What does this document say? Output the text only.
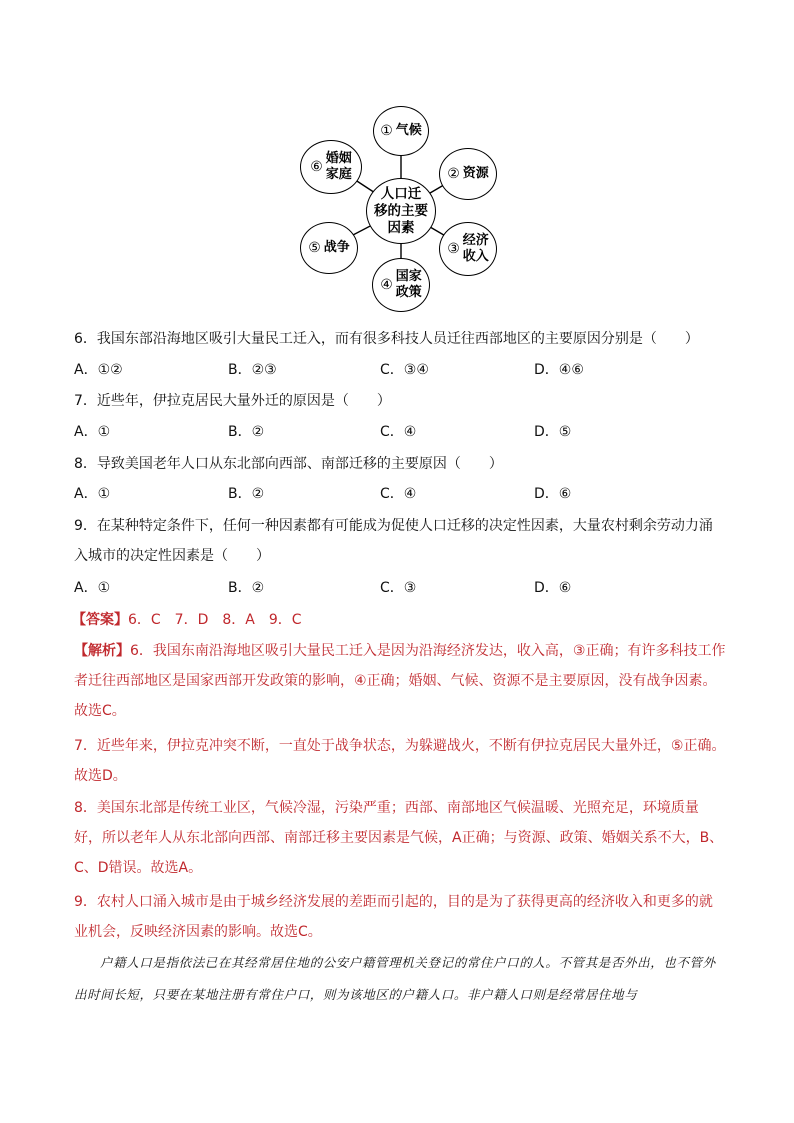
人口迁
移的主要
因素
① 气候
② 资源
③
经济
收入
④
国家
政策
⑤ 战争
⑥
婚姻
家庭
6．我国东部沿海地区吸引大量民工迁入，而有很多科技人员迁往西部地区的主要原因分别是（　　）
A．①②	B．②③	C．③④	D．④⑥
7．近些年，伊拉克居民大量外迁的原因是（　　）
A．①	B．②	C．④	D．⑤
8．导致美国老年人口从东北部向西部、南部迁移的主要原因（　　）
A．①	B．②	C．④	D．⑥
9．在某种特定条件下，任何一种因素都有可能成为促使人口迁移的决定性因素，大量农村剩余劳动力涌入城市的决定性因素是（　　）
A．①	B．②	C．③	D．⑥
【答案】6．C　7．D　8．A　9．C
【解析】6．我国东南沿海地区吸引大量民工迁入是因为沿海经济发达，收入高，③正确；有许多科技工作者迁往西部地区是国家西部开发政策的影响，④正确；婚姻、气候、资源不是主要原因，没有战争因素。故选C。
7．近些年来，伊拉克冲突不断，一直处于战争状态，为躲避战火，不断有伊拉克居民大量外迁，⑤正确。故选D。
8．美国东北部是传统工业区，气候冷湿，污染严重；西部、南部地区气候温暖、光照充足，环境质量好，所以老年人从东北部向西部、南部迁移主要因素是气候，A正确；与资源、政策、婚姻关系不大，B、C、D错误。故选A。
9．农村人口涌入城市是由于城乡经济发展的差距而引起的，目的是为了获得更高的经济收入和更多的就业机会，反映经济因素的影响。故选C。
户籍人口是指依法已在其经常居住地的公安户籍管理机关登记的常住户口的人。不管其是否外出，也不管外出时间长短，只要在某地注册有常住户口，则为该地区的户籍人口。非户籍人口则是经常居住地与
